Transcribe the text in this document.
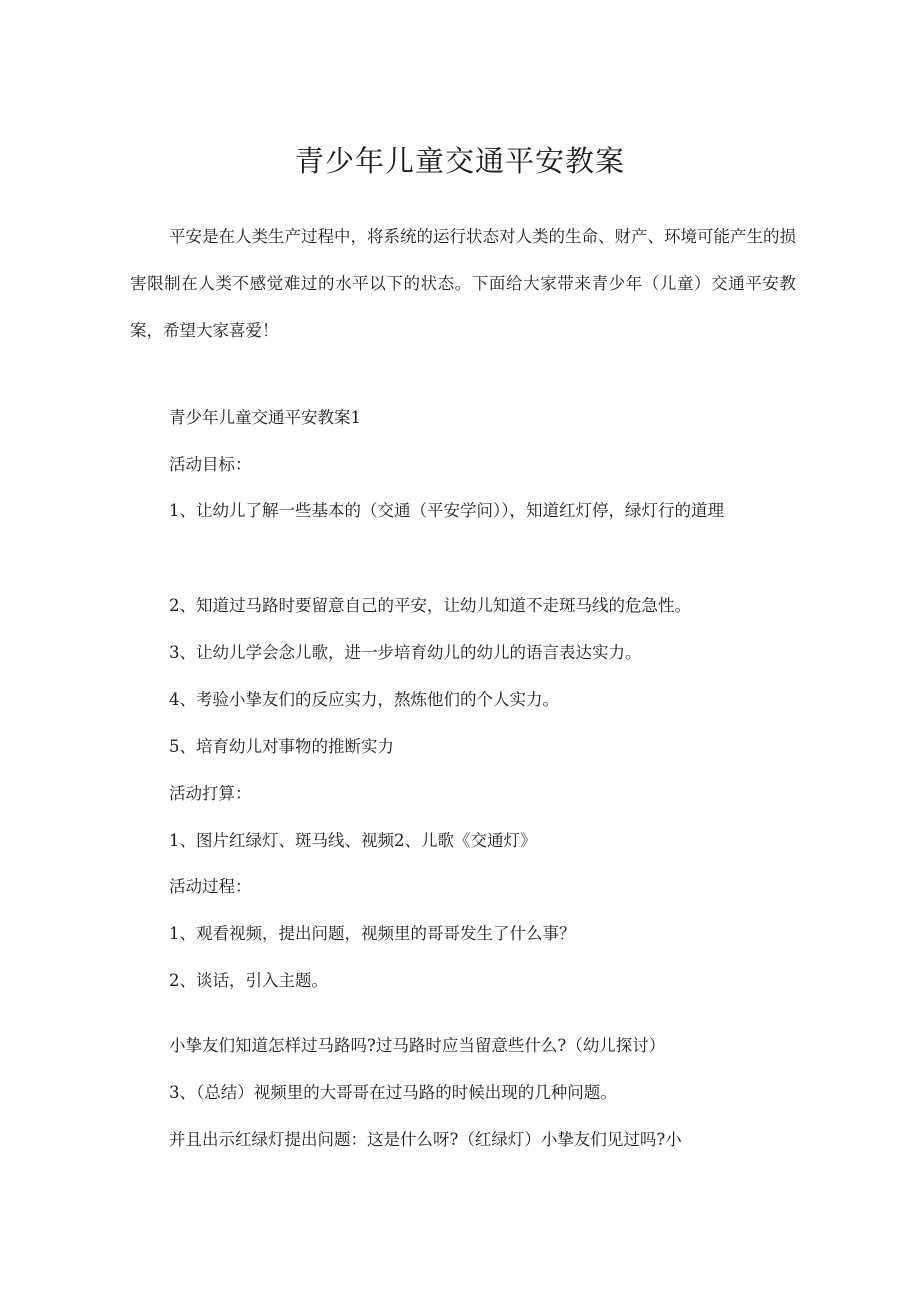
青少年儿童交通平安教案
平安是在人类生产过程中，将系统的运行状态对人类的生命、财产、环境可能产生的损害限制在人类不感觉难过的水平以下的状态。下面给大家带来青少年（儿童）交通平安教案，希望大家喜爱！
青少年儿童交通平安教案1
活动目标：
1、让幼儿了解一些基本的（交通（平安学问）），知道红灯停，绿灯行的道理
2、知道过马路时要留意自己的平安，让幼儿知道不走斑马线的危急性。
3、让幼儿学会念儿歌，进一步培育幼儿的幼儿的语言表达实力。
4、考验小挚友们的反应实力，熬炼他们的个人实力。
5、培育幼儿对事物的推断实力
活动打算：
1、图片红绿灯、斑马线、视频2、儿歌《交通灯》
活动过程：
1、观看视频，提出问题，视频里的哥哥发生了什么事？
2、谈话，引入主题。
小挚友们知道怎样过马路吗?过马路时应当留意些什么?（幼儿探讨）
3、（总结）视频里的大哥哥在过马路的时候出现的几种问题。
并且出示红绿灯提出问题：这是什么呀?（红绿灯）小挚友们见过吗?小
